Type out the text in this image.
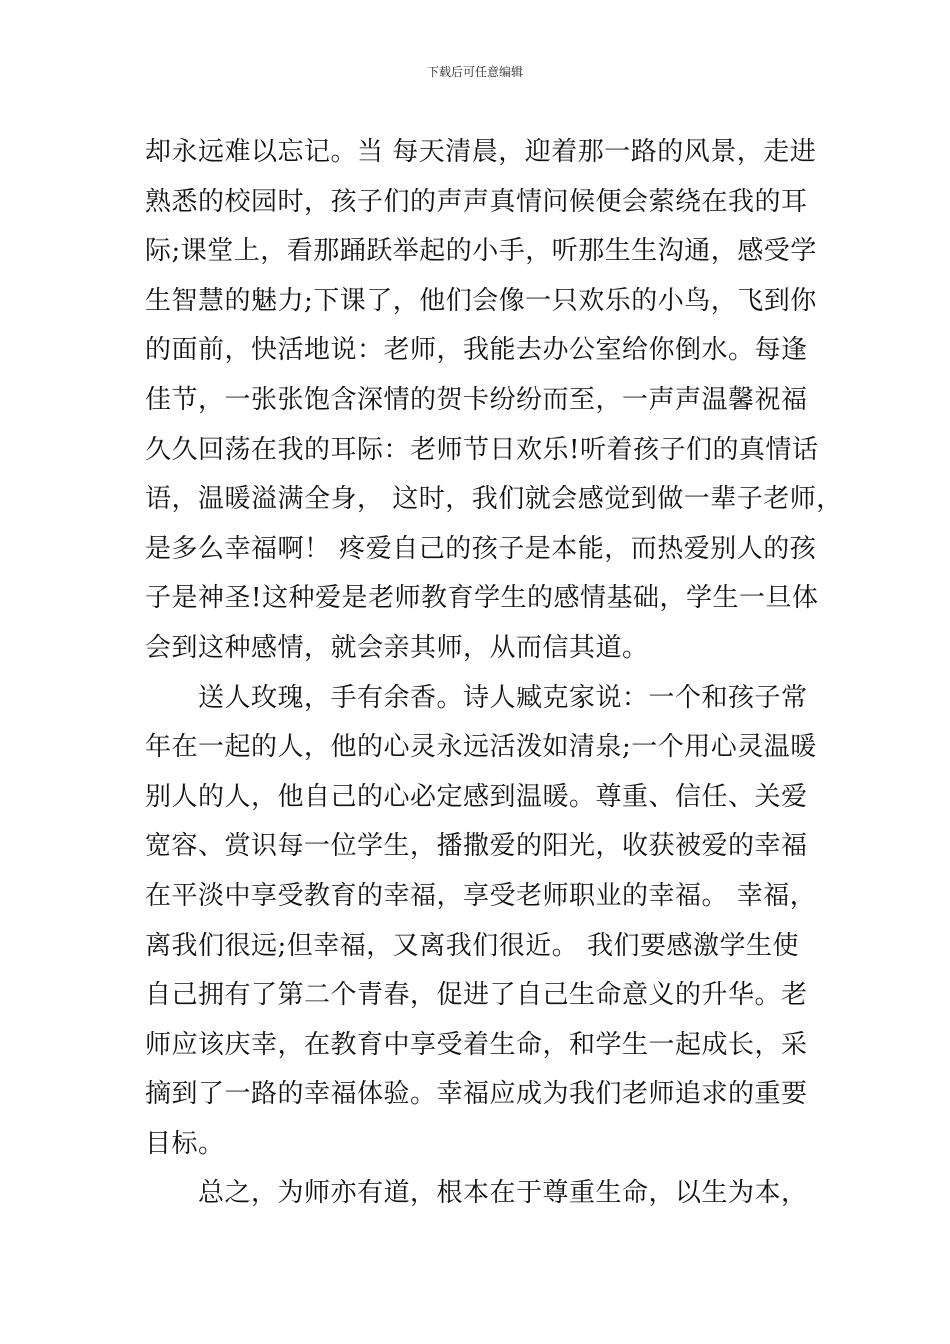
下载后可任意编辑
却永远难以忘记。当 每天清晨，迎着那一路的风景，走进
熟悉的校园时，孩子们的声声真情问候便会萦绕在我的耳
际;课堂上，看那踊跃举起的小手，听那生生沟通，感受学
生智慧的魅力;下课了，他们会像一只欢乐的小鸟，飞到你
的面前，快活地说：老师，我能去办公室给你倒水。每逢
佳节，一张张饱含深情的贺卡纷纷而至，一声声温馨祝福
久久回荡在我的耳际：老师节日欢乐!听着孩子们的真情话
语，温暖溢满全身， 这时，我们就会感觉到做一辈子老师，
是多么幸福啊！ 疼爱自己的孩子是本能，而热爱别人的孩
子是神圣!这种爱是老师教育学生的感情基础，学生一旦体
会到这种感情，就会亲其师，从而信其道。
　　送人玫瑰，手有余香。诗人臧克家说：一个和孩子常
年在一起的人，他的心灵永远活泼如清泉;一个用心灵温暖
别人的人，他自己的心必定感到温暖。尊重、信任、关爱
宽容、赏识每一位学生，播撒爱的阳光，收获被爱的幸福
在平淡中享受教育的幸福，享受老师职业的幸福。 幸福，
离我们很远;但幸福，又离我们很近。 我们要感激学生使
自己拥有了第二个青春，促进了自己生命意义的升华。老
师应该庆幸，在教育中享受着生命，和学生一起成长，采
摘到了一路的幸福体验。幸福应成为我们老师追求的重要
目标。
　　总之，为师亦有道，根本在于尊重生命，以生为本，
